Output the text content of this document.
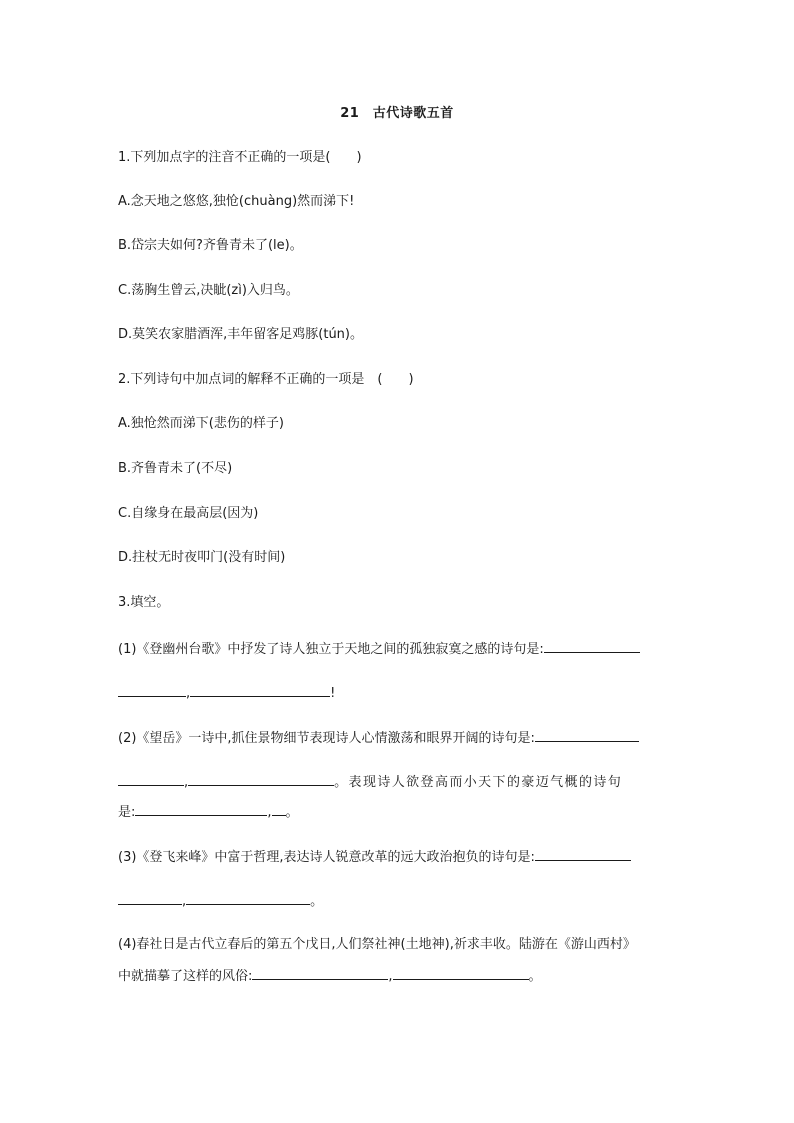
21　古代诗歌五首
1.下列加点字的注音不正确的一项是(　　)
A.念天地之悠悠,独怆(chuàng)然而涕下!
B.岱宗夫如何?齐鲁青未了(le)。
C.荡胸生曾云,决眦(zì)入归鸟。
D.莫笑农家腊酒浑,丰年留客足鸡豚(tún)。
2.下列诗句中加点词的解释不正确的一项是　(　　)
A.独怆然而涕下(悲伤的样子)
B.齐鲁青未了(不尽)
C.自缘身在最高层(因为)
D.拄杖无时夜叩门(没有时间)
3.填空。
(1)《登幽州台歌》中抒发了诗人独立于天地之间的孤独寂寞之感的诗句是:
,	!
(2)《望岳》一诗中,抓住景物细节表现诗人心情激荡和眼界开阔的诗句是:
,	。表现诗人欲登高而小天下的豪迈气概的诗句
是:	, 。
(3)《登飞来峰》中富于哲理,表达诗人锐意改革的远大政治抱负的诗句是:
,	。
(4)春社日是古代立春后的第五个戊日,人们祭社神(土地神),祈求丰收。陆游在《游山西村》
中就描摹了这样的风俗:	,	。
